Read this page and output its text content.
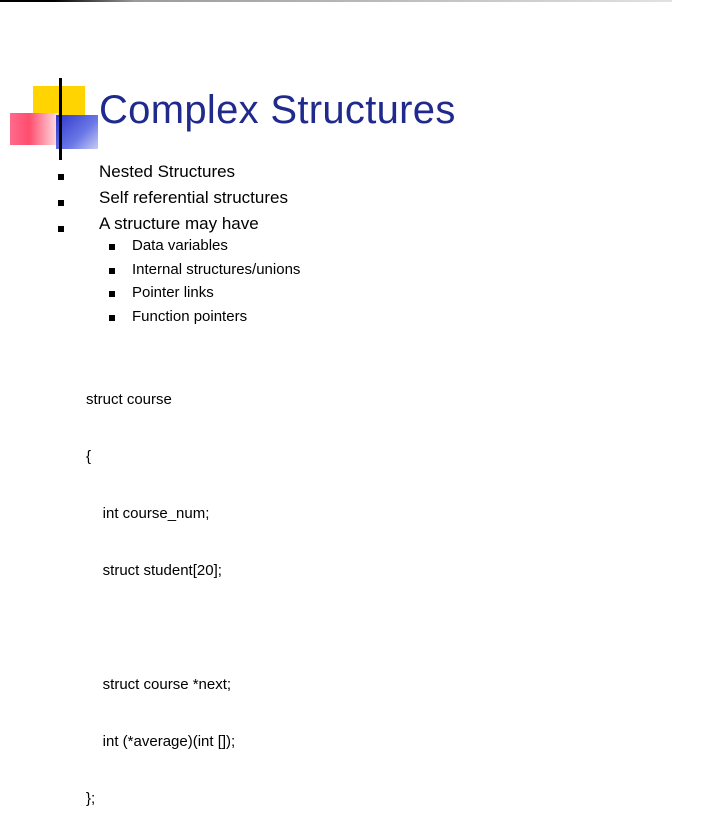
Complex Structures
Nested Structures
Self referential structures
A structure may have
Data variables
Internal structures/unions
Pointer links
Function pointers

struct course

{

int course_num;

struct student[20];

struct course *next;

int (*average)(int []);

};
